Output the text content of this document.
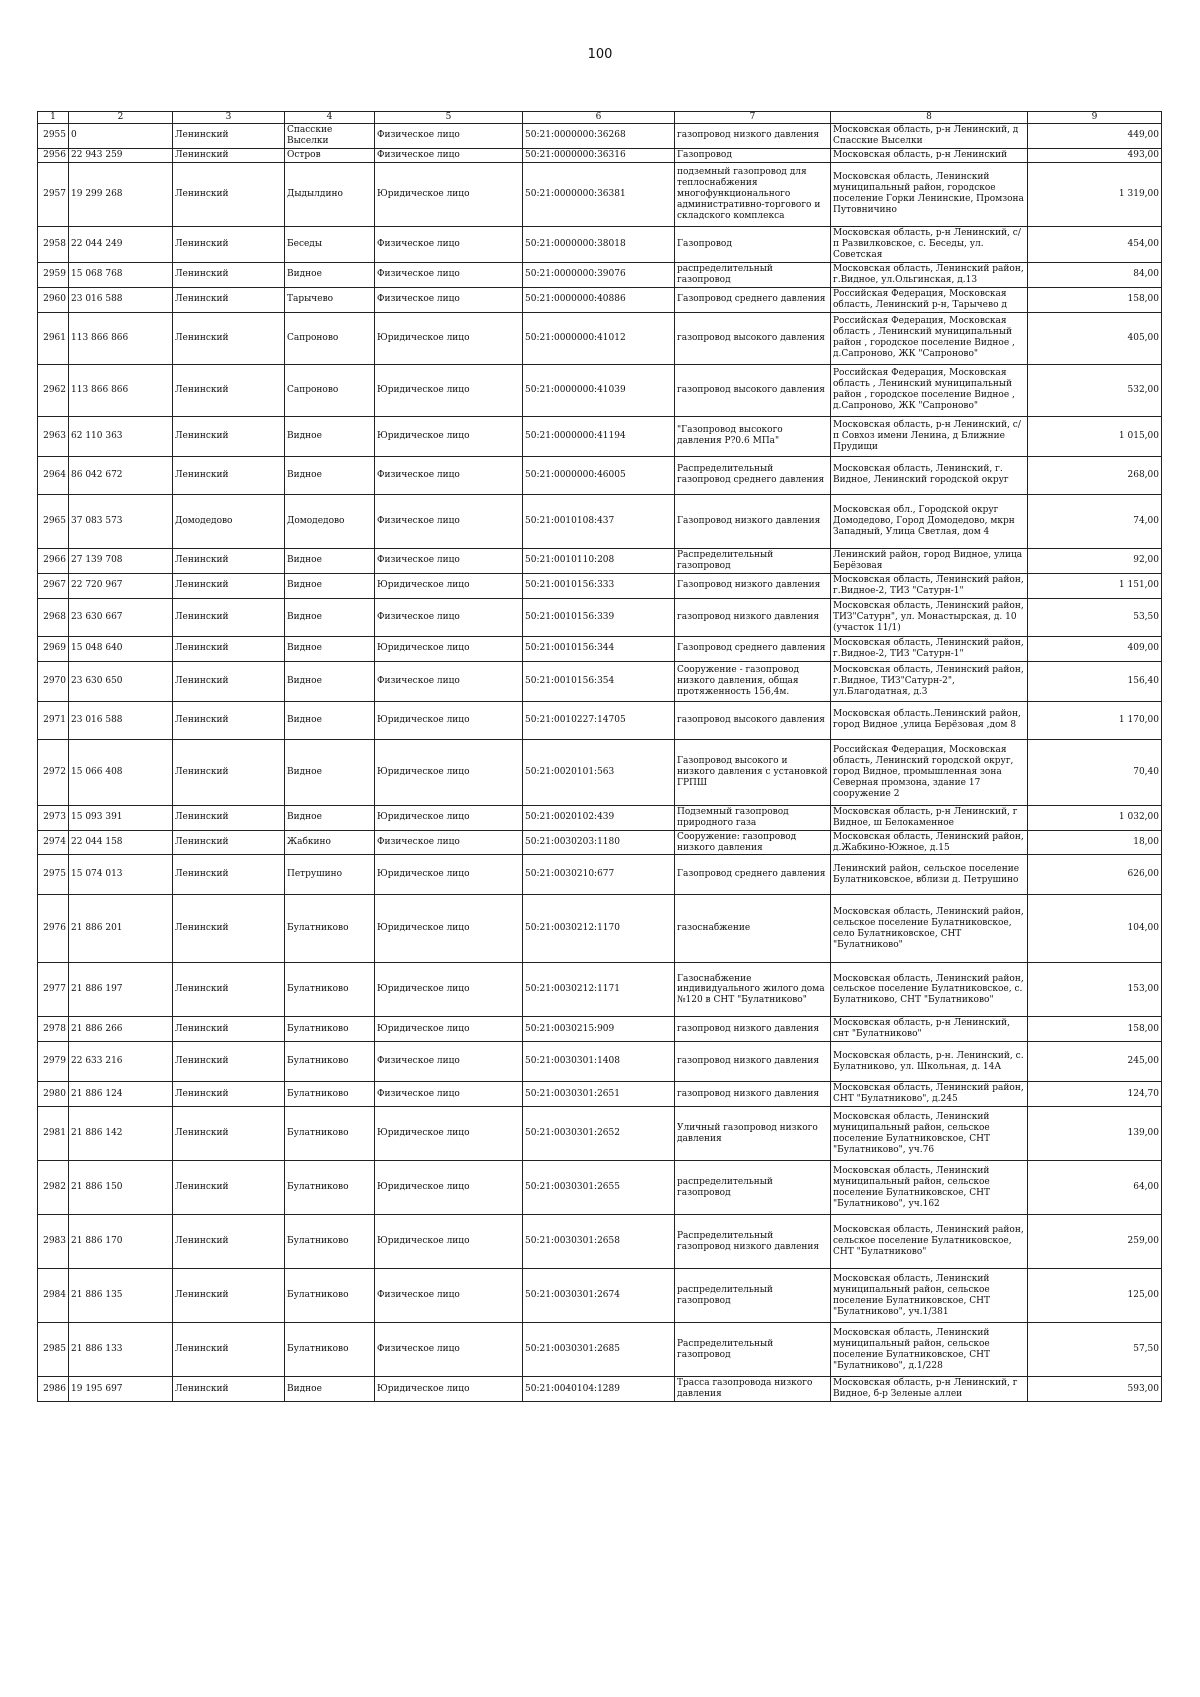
100
1	2	3	4	5	6	7	8	9
2955	0	Ленинский	Спасские Выселки	Физическое лицо	50:21:0000000:36268	газопровод низкого давления	Московская область, р-н Ленинский, д Спасские Выселки	449,00
2956	22 943 259	Ленинский	Остров	Физическое лицо	50:21:0000000:36316	Газопровод	Московская область, р-н Ленинский	493,00
2957	19 299 268	Ленинский	Дыдылдино	Юридическое лицо	50:21:0000000:36381	подземный газопровод для теплоснабжения многофункционального административно-торгового и складского комплекса	Московская область, Ленинский муниципальный район, городское поселение Горки Ленинские, Промзона Путовничино	1 319,00
2958	22 044 249	Ленинский	Беседы	Физическое лицо	50:21:0000000:38018	Газопровод	Московская область, р-н Ленинский, с/п Развилковское, с. Беседы, ул. Советская	454,00
2959	15 068 768	Ленинский	Видное	Физическое лицо	50:21:0000000:39076	распределительный газопровод	Московская область, Ленинский район, г.Видное, ул.Ольгинская, д.13	84,00
2960	23 016 588	Ленинский	Тарычево	Физическое лицо	50:21:0000000:40886	Газопровод среднего давления	Российская Федерация, Московская область, Ленинский р-н, Тарычево д	158,00
2961	113 866 866	Ленинский	Сапроново	Юридическое лицо	50:21:0000000:41012	газопровод высокого давления	Российская Федерация, Московская область , Ленинский муниципальный район , городское поселение Видное , д.Сапроново, ЖК "Сапроново"	405,00
2962	113 866 866	Ленинский	Сапроново	Юридическое лицо	50:21:0000000:41039	газопровод высокого давления	Российская Федерация, Московская область , Ленинский муниципальный район , городское поселение Видное , д.Сапроново, ЖК "Сапроново"	532,00
2963	62 110 363	Ленинский	Видное	Юридическое лицо	50:21:0000000:41194	"Газопровод высокого давления Р?0.6 МПа"	Московская область, р-н Ленинский, с/п Совхоз имени Ленина, д Ближние Прудищи	1 015,00
2964	86 042 672	Ленинский	Видное	Физическое лицо	50:21:0000000:46005	Распределительный газопровод среднего давления	Московская область, Ленинский, г. Видное, Ленинский городской округ	268,00
2965	37 083 573	Домодедово	Домодедово	Физическое лицо	50:21:0010108:437	Газопровод низкого давления	Московская обл., Городской округ Домодедово, Город Домодедово, мкрн Западный, Улица Светлая, дом 4	74,00
2966	27 139 708	Ленинский	Видное	Физическое лицо	50:21:0010110:208	Распределительный газопровод	Ленинский район, город Видное, улица Берёзовая	92,00
2967	22 720 967	Ленинский	Видное	Юридическое лицо	50:21:0010156:333	Газопровод низкого давления	Московская область, Ленинский район, г.Видное-2, ТИЗ "Сатурн-1"	1 151,00
2968	23 630 667	Ленинский	Видное	Физическое лицо	50:21:0010156:339	газопровод низкого давления	Московская область, Ленинский район, ТИЗ"Сатурн", ул. Монастырская, д. 10 (участок 11/1)	53,50
2969	15 048 640	Ленинский	Видное	Юридическое лицо	50:21:0010156:344	Газопровод среднего давления	Московская область, Ленинский район, г.Видное-2, ТИЗ "Сатурн-1"	409,00
2970	23 630 650	Ленинский	Видное	Физическое лицо	50:21:0010156:354	Сооружение - газопровод низкого давления, общая протяженность 156,4м.	Московская область, Ленинский район, г.Видное, ТИЗ"Сатурн-2", ул.Благодатная, д.3	156,40
2971	23 016 588	Ленинский	Видное	Юридическое лицо	50:21:0010227:14705	газопровод высокого давления	Московская область.Ленинский район, город Видное ,улица Берёзовая ,дом 8	1 170,00
2972	15 066 408	Ленинский	Видное	Юридическое лицо	50:21:0020101:563	Газопровод высокого и низкого давления с установкой ГРПШ	Российская Федерация, Московская область, Ленинский городской округ, город Видное, промышленная зона Северная промзона, здание 17 сооружение 2	70,40
2973	15 093 391	Ленинский	Видное	Юридическое лицо	50:21:0020102:439	Подземный газопровод природного газа	Московская область, р-н Ленинский, г Видное, ш Белокаменное	1 032,00
2974	22 044 158	Ленинский	Жабкино	Физическое лицо	50:21:0030203:1180	Сооружение: газопровод низкого давления	Московская область, Ленинский район, д.Жабкино-Южное, д.15	18,00
2975	15 074 013	Ленинский	Петрушино	Юридическое лицо	50:21:0030210:677	Газопровод среднего давления	Ленинский район, сельское поселение Булатниковское, вблизи д. Петрушино	626,00
2976	21 886 201	Ленинский	Булатниково	Юридическое лицо	50:21:0030212:1170	газоснабжение	Московская область, Ленинский район, сельское поселение Булатниковское, село Булатниковское, СНТ "Булатниково"	104,00
2977	21 886 197	Ленинский	Булатниково	Юридическое лицо	50:21:0030212:1171	Газоснабжение индивидуального жилого дома №120 в СНТ "Булатниково"	Московская область, Ленинский район, сельское поселение Булатниковское, с. Булатниково, СНТ "Булатниково"	153,00
2978	21 886 266	Ленинский	Булатниково	Юридическое лицо	50:21:0030215:909	газопровод низкого давления	Московская область, р-н Ленинский, снт "Булатниково"	158,00
2979	22 633 216	Ленинский	Булатниково	Физическое лицо	50:21:0030301:1408	газопровод низкого давления	Московская область, р-н. Ленинский, с. Булатниково, ул. Школьная, д. 14А	245,00
2980	21 886 124	Ленинский	Булатниково	Физическое лицо	50:21:0030301:2651	газопровод низкого давления	Московская область, Ленинский район, СНТ "Булатниково", д.245	124,70
2981	21 886 142	Ленинский	Булатниково	Юридическое лицо	50:21:0030301:2652	Уличный газопровод низкого давления	Московская область, Ленинский муниципальный район, сельское поселение Булатниковское, СНТ "Булатниково", уч.76	139,00
2982	21 886 150	Ленинский	Булатниково	Юридическое лицо	50:21:0030301:2655	распределительный газопровод	Московская область, Ленинский муниципальный район, сельское поселение Булатниковское, СНТ "Булатниково", уч.162	64,00
2983	21 886 170	Ленинский	Булатниково	Юридическое лицо	50:21:0030301:2658	Распределительный газопровод низкого давления	Московская область, Ленинский район, сельское поселение Булатниковское, СНТ "Булатниково"	259,00
2984	21 886 135	Ленинский	Булатниково	Физическое лицо	50:21:0030301:2674	распределительный газопровод	Московская область, Ленинский муниципальный район, сельское поселение Булатниковское, СНТ "Булатниково", уч.1/381	125,00
2985	21 886 133	Ленинский	Булатниково	Физическое лицо	50:21:0030301:2685	Распределительный газопровод	Московская область, Ленинский муниципальный район, сельское поселение Булатниковское, СНТ "Булатниково", д.1/228	57,50
2986	19 195 697	Ленинский	Видное	Юридическое лицо	50:21:0040104:1289	Трасса газопровода низкого давления	Московская область, р-н Ленинский, г Видное, б-р Зеленые аллеи	593,00
